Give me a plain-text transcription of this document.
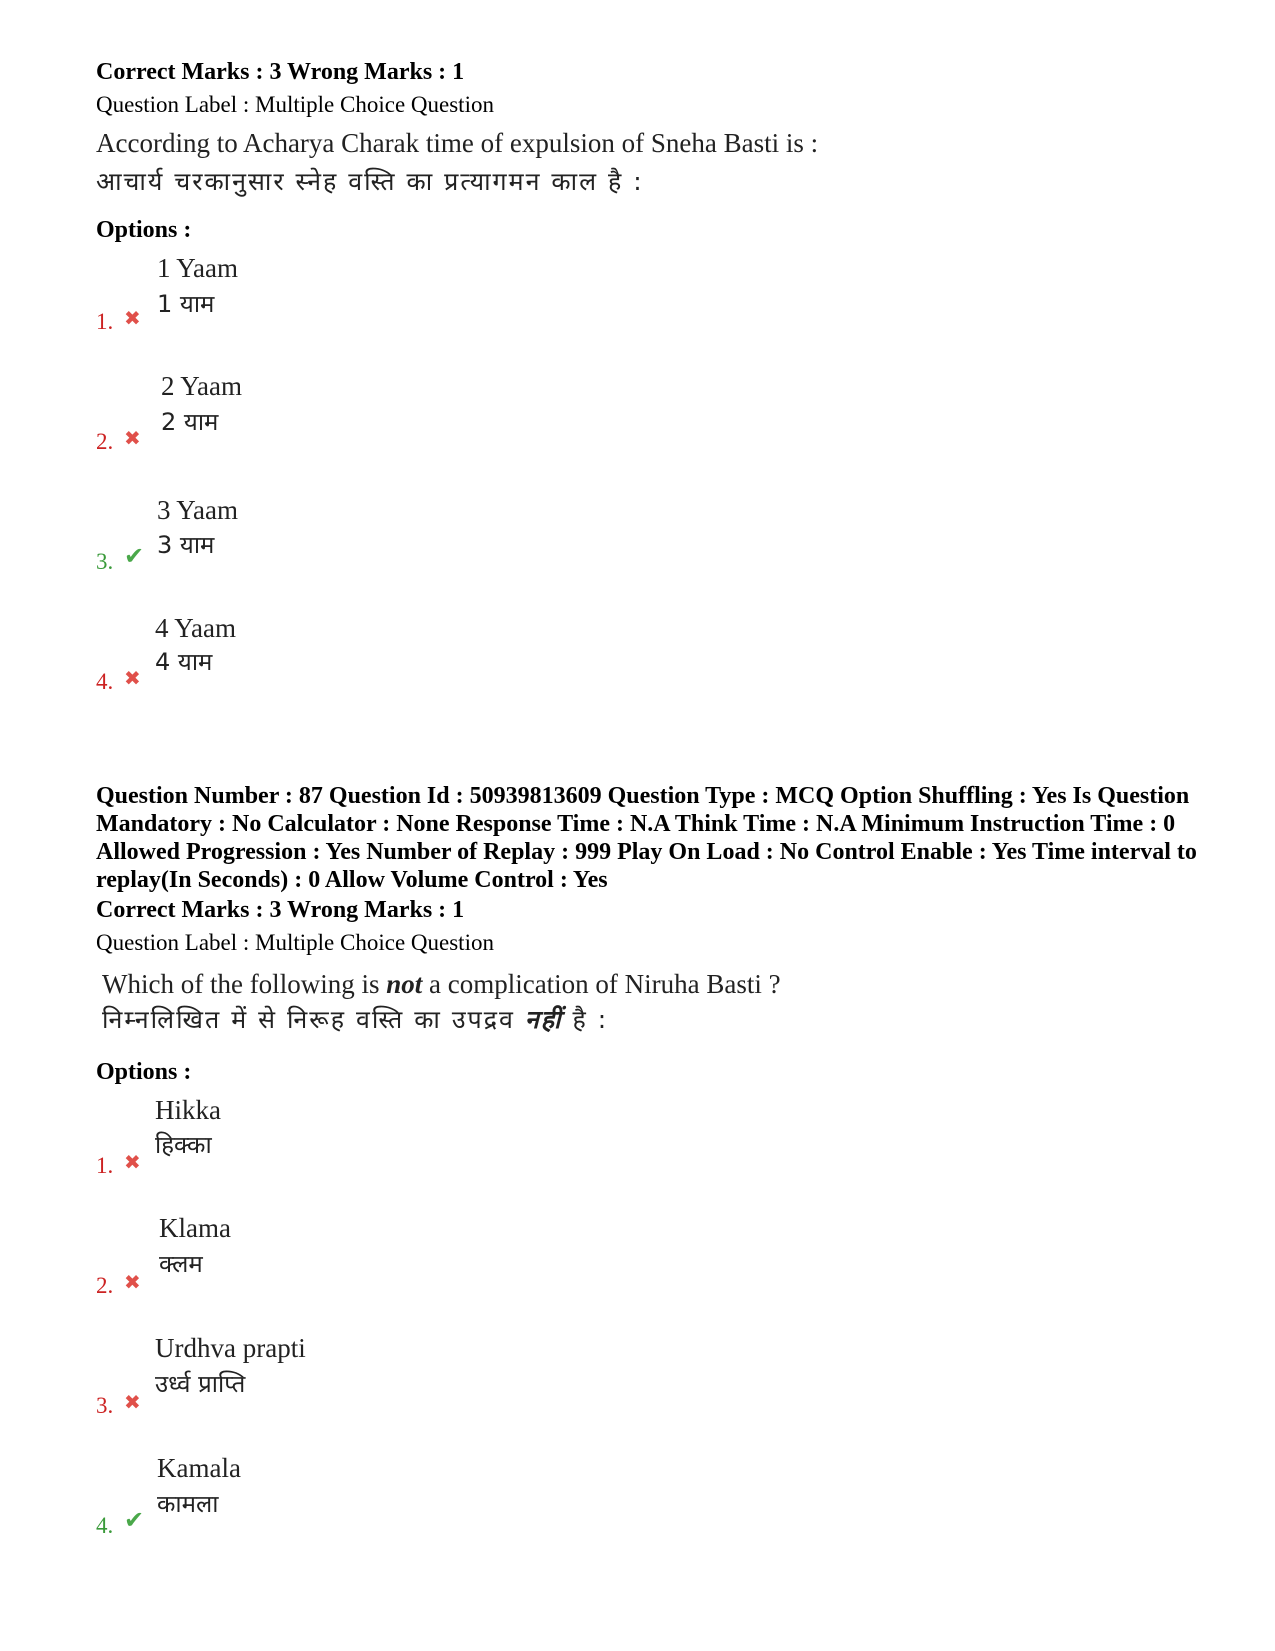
Correct Marks : 3 Wrong Marks : 1
Question Label : Multiple Choice Question
According to Acharya Charak time of expulsion of Sneha Basti is :
आचार्य चरकानुसार स्नेह वस्ति का प्रत्यागमन काल है :
Options :
1 Yaam
1 याम
1. ✖
2 Yaam
2 याम
2. ✖
3 Yaam
3 याम
3. ✔
4 Yaam
4 याम
4. ✖
Question Number : 87 Question Id : 50939813609 Question Type : MCQ Option Shuffling : Yes Is Question Mandatory : No Calculator : None Response Time : N.A Think Time : N.A Minimum Instruction Time : 0 Allowed Progression : Yes Number of Replay : 999 Play On Load : No Control Enable : Yes Time interval to replay(In Seconds) : 0 Allow Volume Control : Yes
Correct Marks : 3 Wrong Marks : 1
Question Label : Multiple Choice Question
Which of the following is not a complication of Niruha Basti ?
निम्नलिखित में से निरूह वस्ति का उपद्रव नहीं है :
Options :
Hikka
हिक्का
1. ✖
Klama
क्लम
2. ✖
Urdhva prapti
उर्ध्व प्राप्ति
3. ✖
Kamala
कामला
4. ✔
